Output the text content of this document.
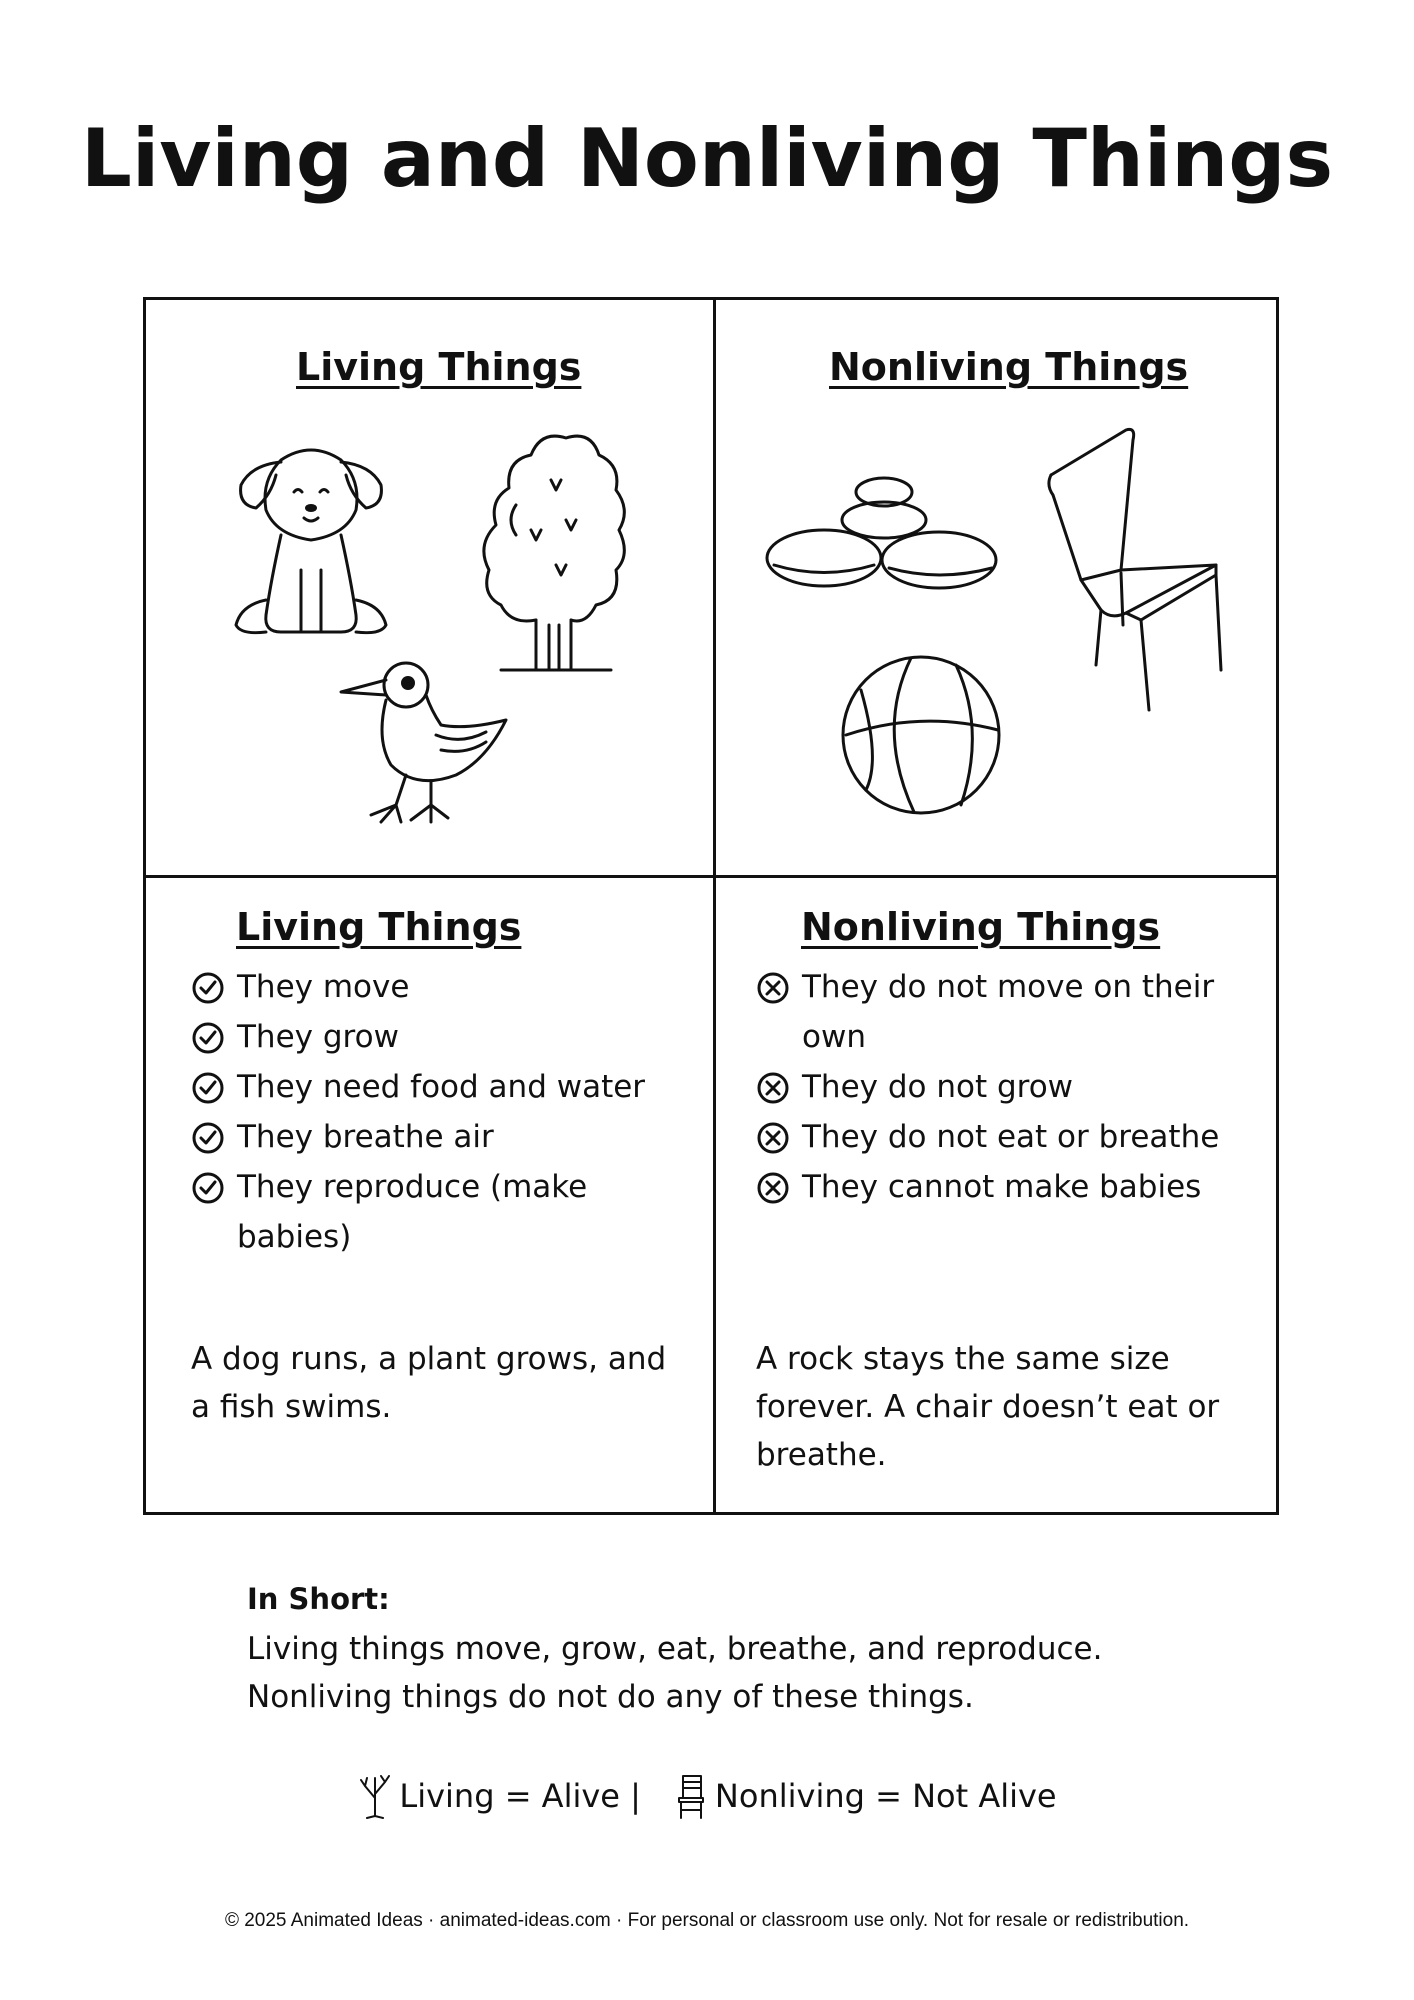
Living and Nonliving Things
Living Things	Nonliving Things
Living Things
They move
They grow
They need food and water
They breathe air
They reproduce (make babies)

A dog runs, a plant grows, and a fish swims.

Nonliving Things
They do not move on their own
They do not grow
They do not eat or breathe
They cannot make babies

A rock stays the same size forever. A chair doesn’t eat or breathe.

In Short:
Living things move, grow, eat, breathe, and reproduce.
Nonliving things do not do any of these things.
Living = Alive | Nonliving = Not Alive
© 2025 Animated Ideas · animated-ideas.com · For personal or classroom use only. Not for resale or redistribution.
